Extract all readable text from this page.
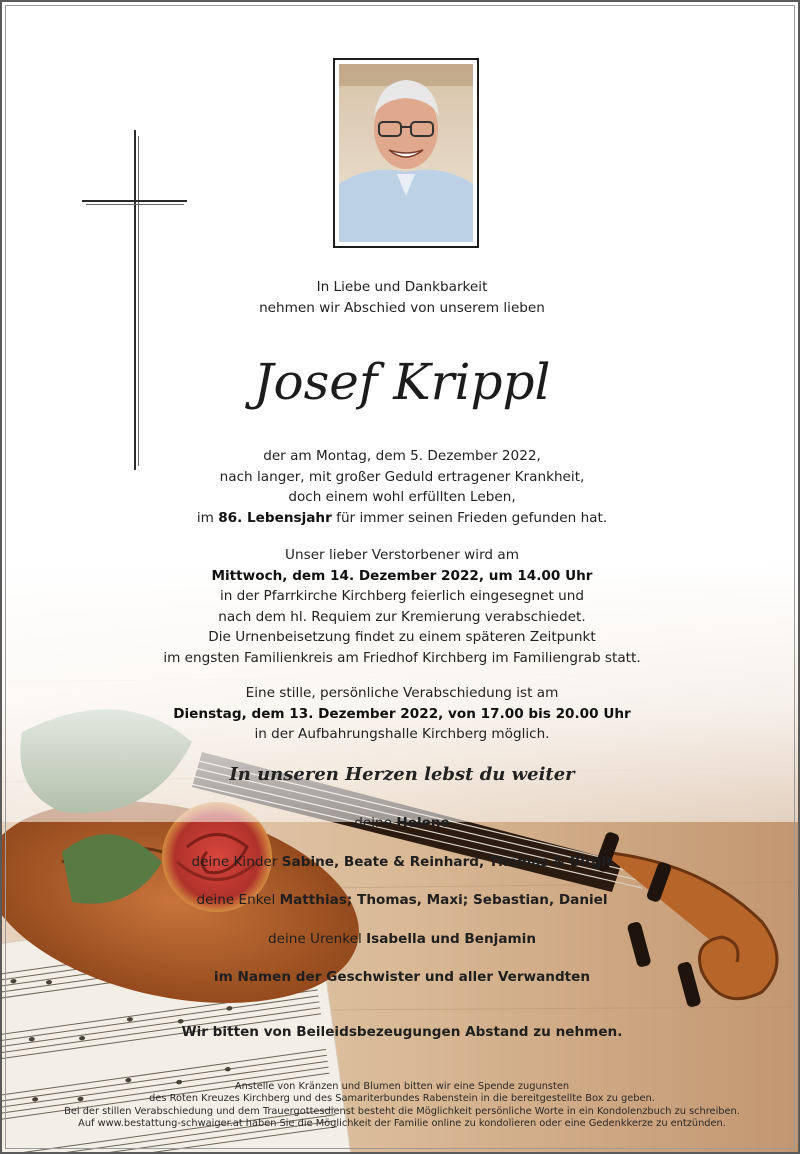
In Liebe und Dankbarkeit
nehmen wir Abschied von unserem lieben
Josef Krippl
der am Montag, dem 5. Dezember 2022,
nach langer, mit großer Geduld ertragener Krankheit,
doch einem wohl erfüllten Leben,
im 86. Lebensjahr für immer seinen Frieden gefunden hat.
Unser lieber Verstorbener wird am
Mittwoch, dem 14. Dezember 2022, um 14.00 Uhr
in der Pfarrkirche Kirchberg feierlich eingesegnet und
nach dem hl. Requiem zur Kremierung verabschiedet.
Die Urnenbeisetzung findet zu einem späteren Zeitpunkt
im engsten Familienkreis am Friedhof Kirchberg im Familiengrab statt.
Eine stille, persönliche Verabschiedung ist am
Dienstag, dem 13. Dezember 2022, von 17.00 bis 20.00 Uhr
in der Aufbahrungshalle Kirchberg möglich.
In unseren Herzen lebst du weiter
deine Helene
deine Kinder Sabine, Beate & Reinhard, Thomas & Birgit
deine Enkel Matthias; Thomas, Maxi; Sebastian, Daniel
deine Urenkel Isabella und Benjamin
im Namen der Geschwister und aller Verwandten
Wir bitten von Beileidsbezeugungen Abstand zu nehmen.
Anstelle von Kränzen und Blumen bitten wir eine Spende zugunsten
des Roten Kreuzes Kirchberg und des Samariterbundes Rabenstein in die bereitgestellte Box zu geben.
Bei der stillen Verabschiedung und dem Trauergottesdienst besteht die Möglichkeit persönliche Worte in ein Kondolenzbuch zu schreiben.
Auf www.bestattung-schwaiger.at haben Sie die Möglichkeit der Familie online zu kondolieren oder eine Gedenkkerze zu entzünden.
